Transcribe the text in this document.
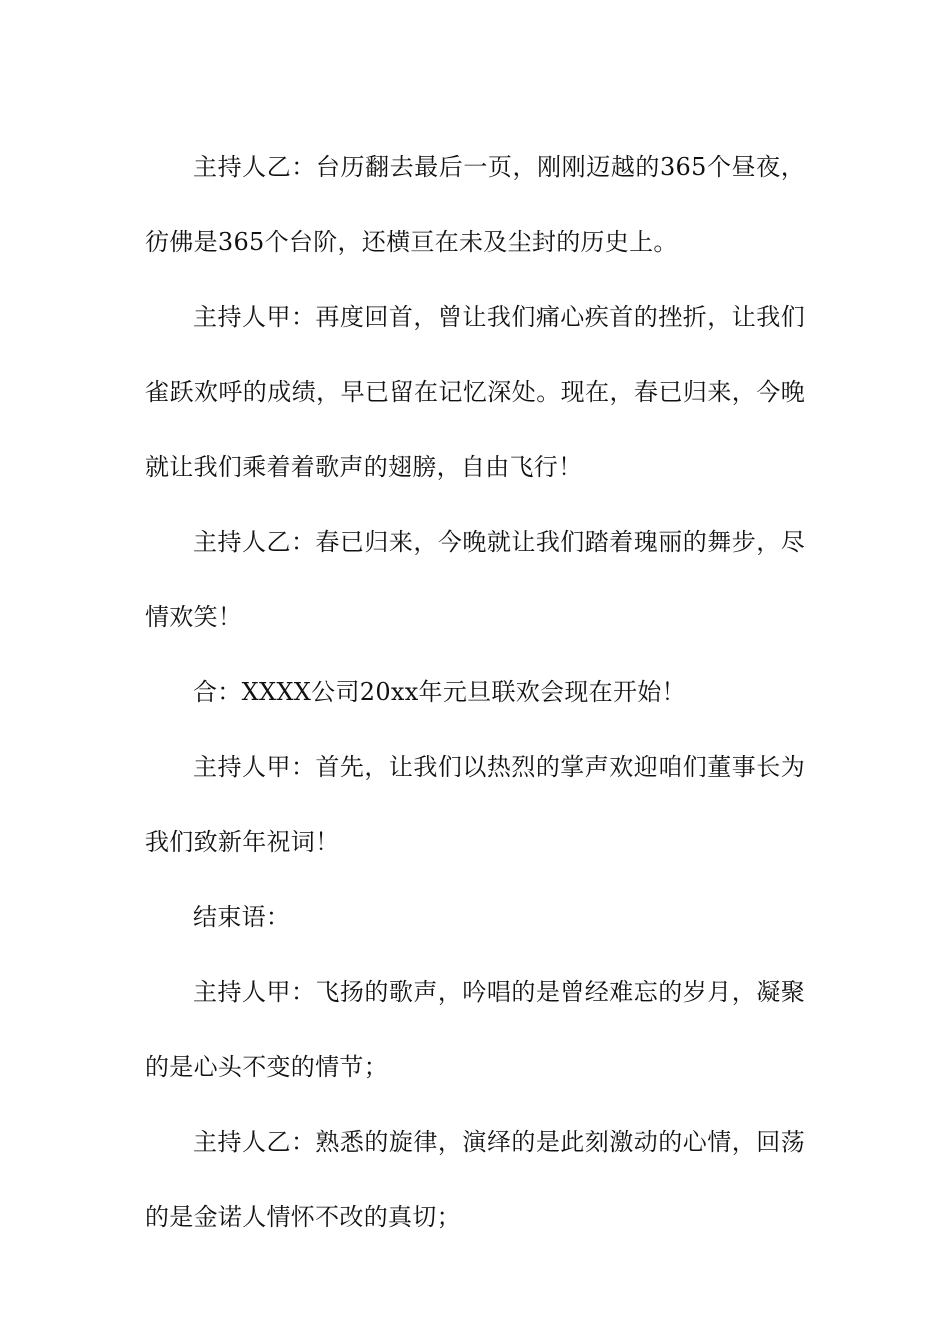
主持人乙：台历翻去最后一页，刚刚迈越的365个昼夜，彷佛是365个台阶，还横亘在未及尘封的历史上。

主持人甲：再度回首，曾让我们痛心疾首的挫折，让我们雀跃欢呼的成绩，早已留在记忆深处。现在，春已归来，今晚就让我们乘着着歌声的翅膀，自由飞行！

主持人乙：春已归来，今晚就让我们踏着瑰丽的舞步，尽情欢笑！

合：XXXX公司20xx年元旦联欢会现在开始！

主持人甲：首先，让我们以热烈的掌声欢迎咱们董事长为我们致新年祝词！

结束语：

主持人甲：飞扬的歌声，吟唱的是曾经难忘的岁月，凝聚的是心头不变的情节；

主持人乙：熟悉的旋律，演绎的是此刻激动的心情，回荡的是金诺人情怀不改的真切；
